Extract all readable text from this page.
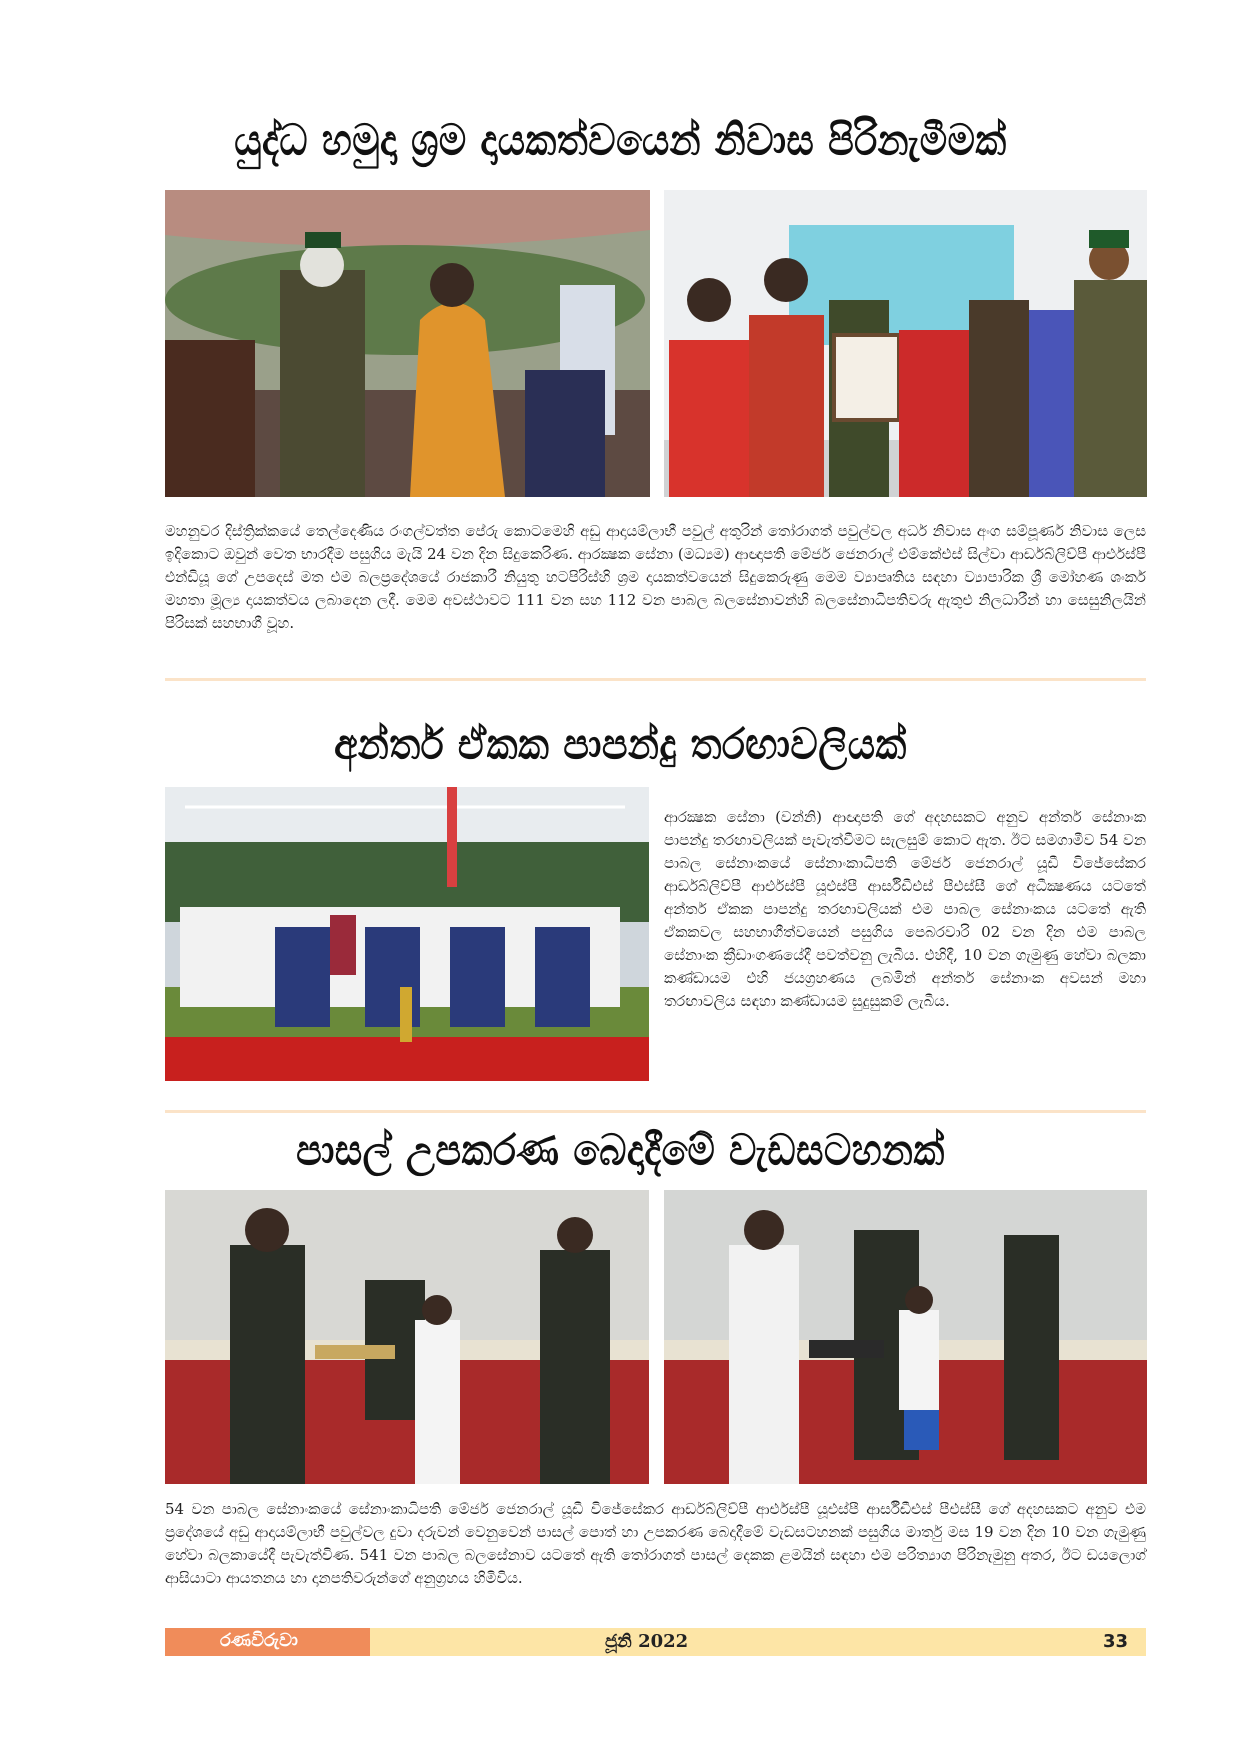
යුද්ධ හමුදා ශ්‍රම දායකත්වයෙන් නිවාස පිරිනැමීමක්
මහනුවර දිස්ත්‍රික්කයේ තෙල්දෙණිය රංගල්වත්ත පේරු කොටමෙහි අඩු ආදායම්ලාභී පවුල් අතුරින් තෝරාගත් පවුල්වල අර්ධ නිවාස අංග සම්පූර්ණ නිවාස ලෙස ඉදිකොට ඔවුන් වෙත භාරදීම පසුගිය මැයි 24 වන දින සිදුකෙරිණ. ආරක්‍ෂක සේනා (මධ්‍යම) ආඥාපති මේජර් ජෙනරාල් එම්කේඑස් සිල්වා ආර්ඩබ්ලිව්පී ආර්එස්පී එන්ඩියූ ගේ උපදෙස් මත එම බලප්‍රදේශයේ රාජකාරී නියුතු හටපිරිස්හි ශ්‍රම දායකත්වයෙන් සිදුකෙරුණු මෙම ව්‍යාපෘතිය සඳහා ව්‍යාපාරික ශ්‍රී මෝහණ ශංකර් මහතා මූල්‍ය දායකත්වය ලබාදෙන ලදී. මෙම අවස්ථාවට 111 වන සහ 112 වන පාබල බලසේනාවන්හි බලසේනාධිපතිවරු ඇතුළු නිලධාරීන් හා සෙසුනිලයින් පිරිසක් සහභාගී වූහ.
අන්තර් ඒකක පාපන්දු තරඟාවලියක්
ආරක්‍ෂක සේනා (වන්නි) ආඥාපති ගේ අදහසකට අනුව අන්තර් සේනාංක පාපන්දු තරඟාවලියක් පැවැත්වීමට සැලසුම් කොට ඇත. ඊට සමගාමීව 54 වන පාබල සේනාංකයේ සේනාංකාධිපති මේජර් ජෙනරාල් යූඩී විජේසේකර ආර්ඩබ්ලිව්පී ආර්එස්පී යූඑස්පී ආර්සීඩීඑස් පීඑස්සී ගේ අධීක්‍ෂණය යටතේ අන්තර් ඒකක පාපන්දු තරඟාවලියක් එම පාබල සේනාංකය යටතේ ඇති ඒකකවල සහභාගීත්වයෙන් පසුගිය පෙබරවාරි 02 වන දින එම පාබල සේනාංක ක්‍රීඩාංගණයේදී පවත්වනු ලැබීය. එහිදී, 10 වන ගැමුණු හේවා බලකා කණ්ඩායම එහි ජයග්‍රහණය ලබමින් අන්තර් සේනාංක අවසන් මහා තරඟාවලිය සඳහා කණ්ඩායම සුදුසුකම් ලැබීය.
පාසල් උපකරණ බෙදාදීමේ වැඩසටහනක්
54 වන පාබල සේනාංකයේ සේනාංකාධිපති මේජර් ජෙනරාල් යූඩී විජේසේකර ආර්ඩබ්ලිව්පී ආර්එස්පී යූඑස්පී ආර්සීඩීඑස් පීඑස්සී ගේ අදහසකට අනුව එම ප්‍රදේශයේ අඩු ආදායම්ලාභී පවුල්වල දුවා දරුවන් වෙනුවෙන් පාසල් පොත් හා උපකරණ බෙදාදීමේ වැඩසටහනක් පසුගිය මාර්තු මස 19 වන දින 10 වන ගැමුණු හේවා බලකායේදී පැවැත්විණ. 541 වන පාබල බලසේනාව යටතේ ඇති තෝරාගත් පාසල් දෙකක ළමයින් සඳහා එම පරිත්‍යාග පිරිනැමුනු අතර, ඊට ඩයලොග් ආසියාටා ආයතනය හා දානපතිවරුන්ගේ අනුග්‍රහය හිමිවිය.
රණවිරුවා	ජූනි 2022	33
